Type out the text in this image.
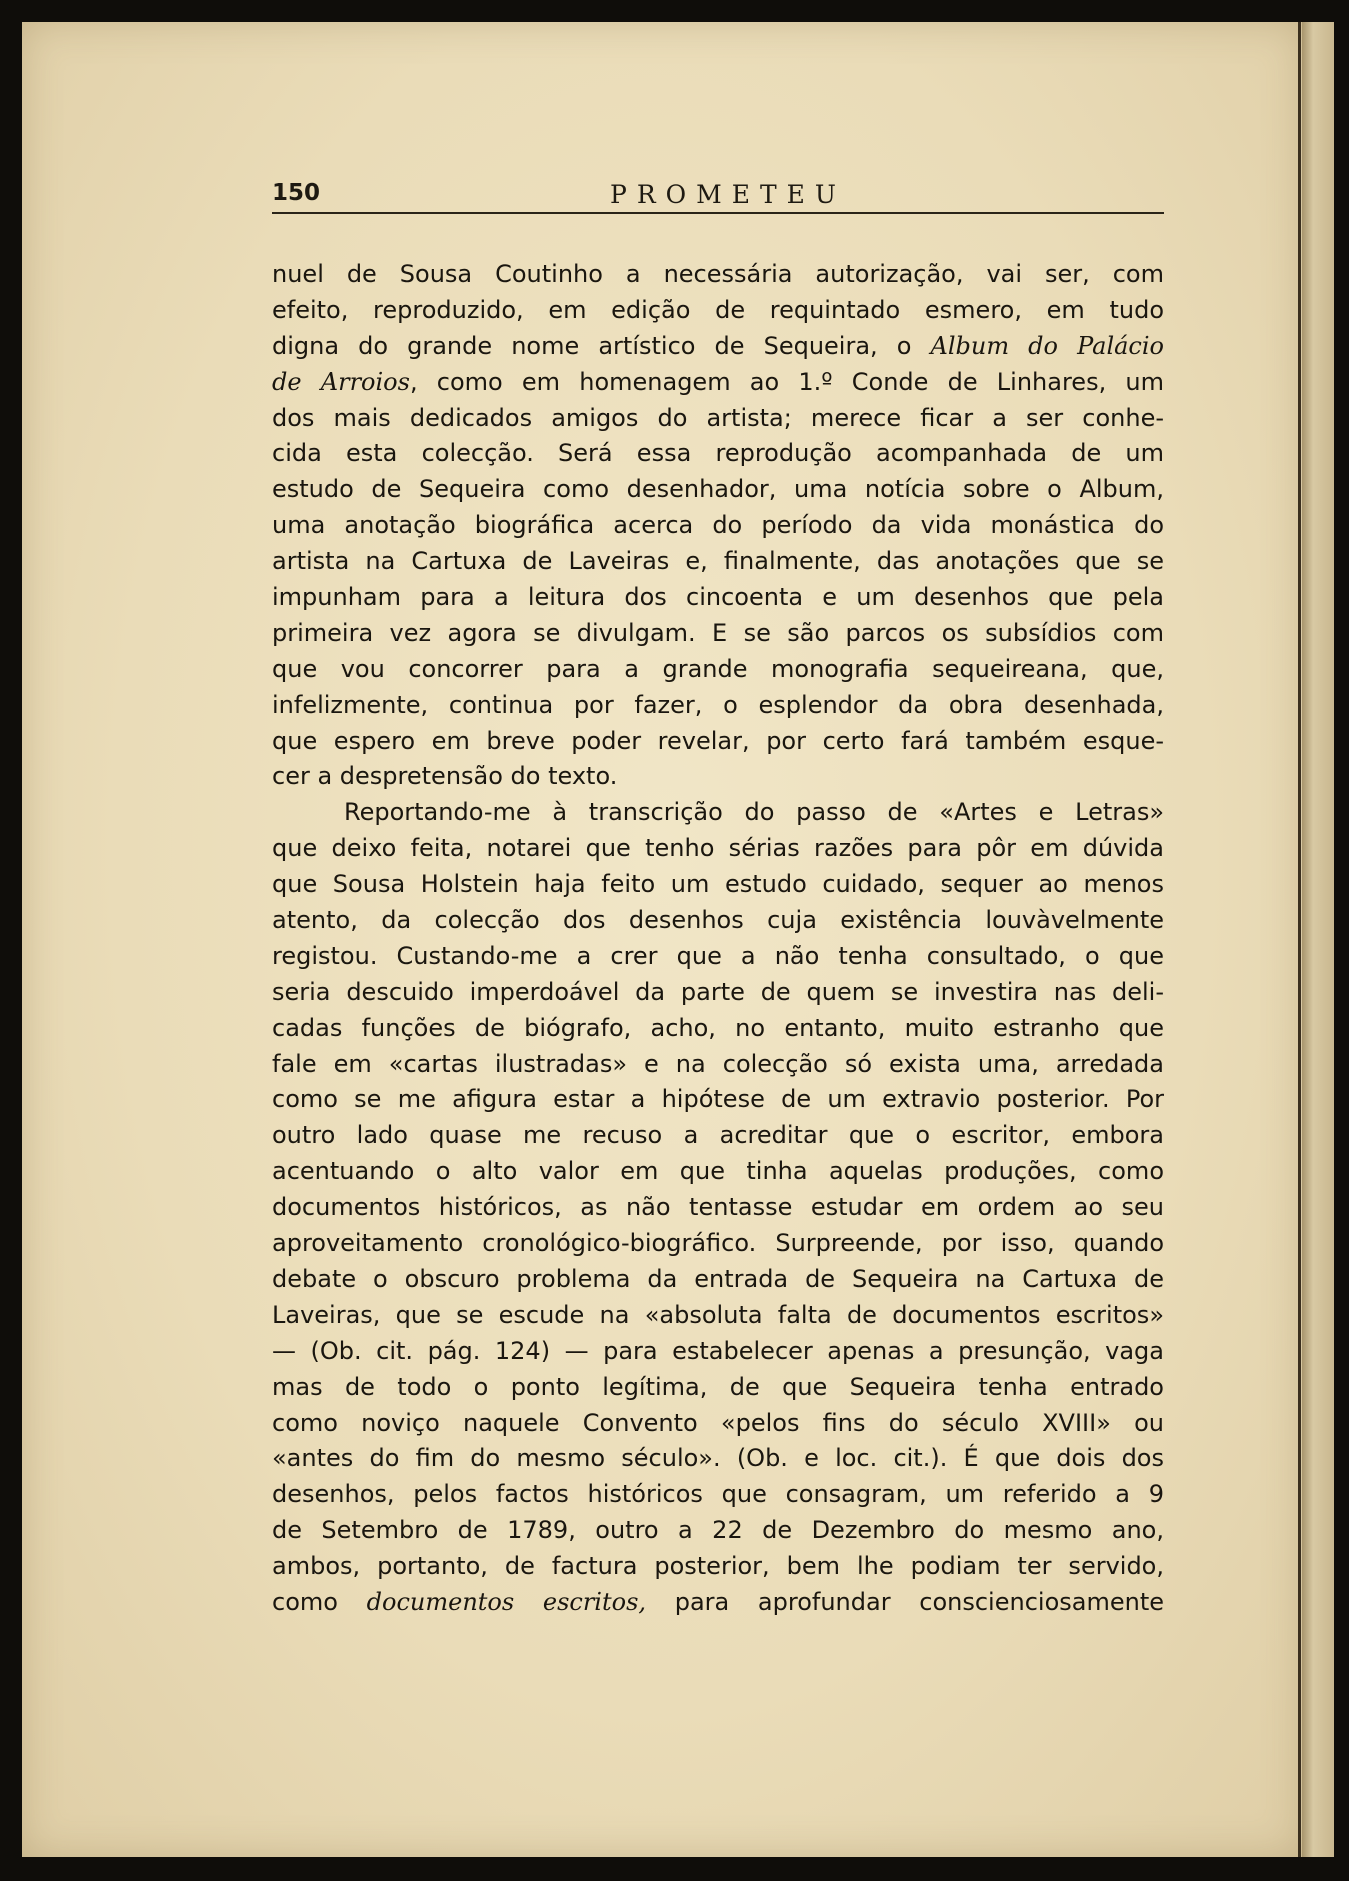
150	PROMETEU
nuel de Sousa Coutinho a necessária autorização, vai ser, com
efeito, reproduzido, em edição de requintado esmero, em tudo
digna do grande nome artístico de Sequeira, o Album do Palácio
de Arroios, como em homenagem ao 1.º Conde de Linhares, um
dos mais dedicados amigos do artista; merece ficar a ser conhe-
cida esta colecção. Será essa reprodução acompanhada de um
estudo de Sequeira como desenhador, uma notícia sobre o Album,
uma anotação biográfica acerca do período da vida monástica do
artista na Cartuxa de Laveiras e, finalmente, das anotações que se
impunham para a leitura dos cincoenta e um desenhos que pela
primeira vez agora se divulgam. E se são parcos os subsídios com
que vou concorrer para a grande monografia sequeireana, que,
infelizmente, continua por fazer, o esplendor da obra desenhada,
que espero em breve poder revelar, por certo fará também esque-
cer a despretensão do texto.
Reportando-me à transcrição do passo de «Artes e Letras»
que deixo feita, notarei que tenho sérias razões para pôr em dúvida
que Sousa Holstein haja feito um estudo cuidado, sequer ao menos
atento, da colecção dos desenhos cuja existência louvàvelmente
registou. Custando-me a crer que a não tenha consultado, o que
seria descuido imperdoável da parte de quem se investira nas deli-
cadas funções de biógrafo, acho, no entanto, muito estranho que
fale em «cartas ilustradas» e na colecção só exista uma, arredada
como se me afigura estar a hipótese de um extravio posterior. Por
outro lado quase me recuso a acreditar que o escritor, embora
acentuando o alto valor em que tinha aquelas produções, como
documentos históricos, as não tentasse estudar em ordem ao seu
aproveitamento cronológico-biográfico. Surpreende, por isso, quando
debate o obscuro problema da entrada de Sequeira na Cartuxa de
Laveiras, que se escude na «absoluta falta de documentos escritos»
— (Ob. cit. pág. 124) — para estabelecer apenas a presunção, vaga
mas de todo o ponto legítima, de que Sequeira tenha entrado
como noviço naquele Convento «pelos fins do século XVIII» ou
«antes do fim do mesmo século». (Ob. e loc. cit.). É que dois dos
desenhos, pelos factos históricos que consagram, um referido a 9
de Setembro de 1789, outro a 22 de Dezembro do mesmo ano,
ambos, portanto, de factura posterior, bem lhe podiam ter servido,
como documentos escritos, para aprofundar conscienciosamente
